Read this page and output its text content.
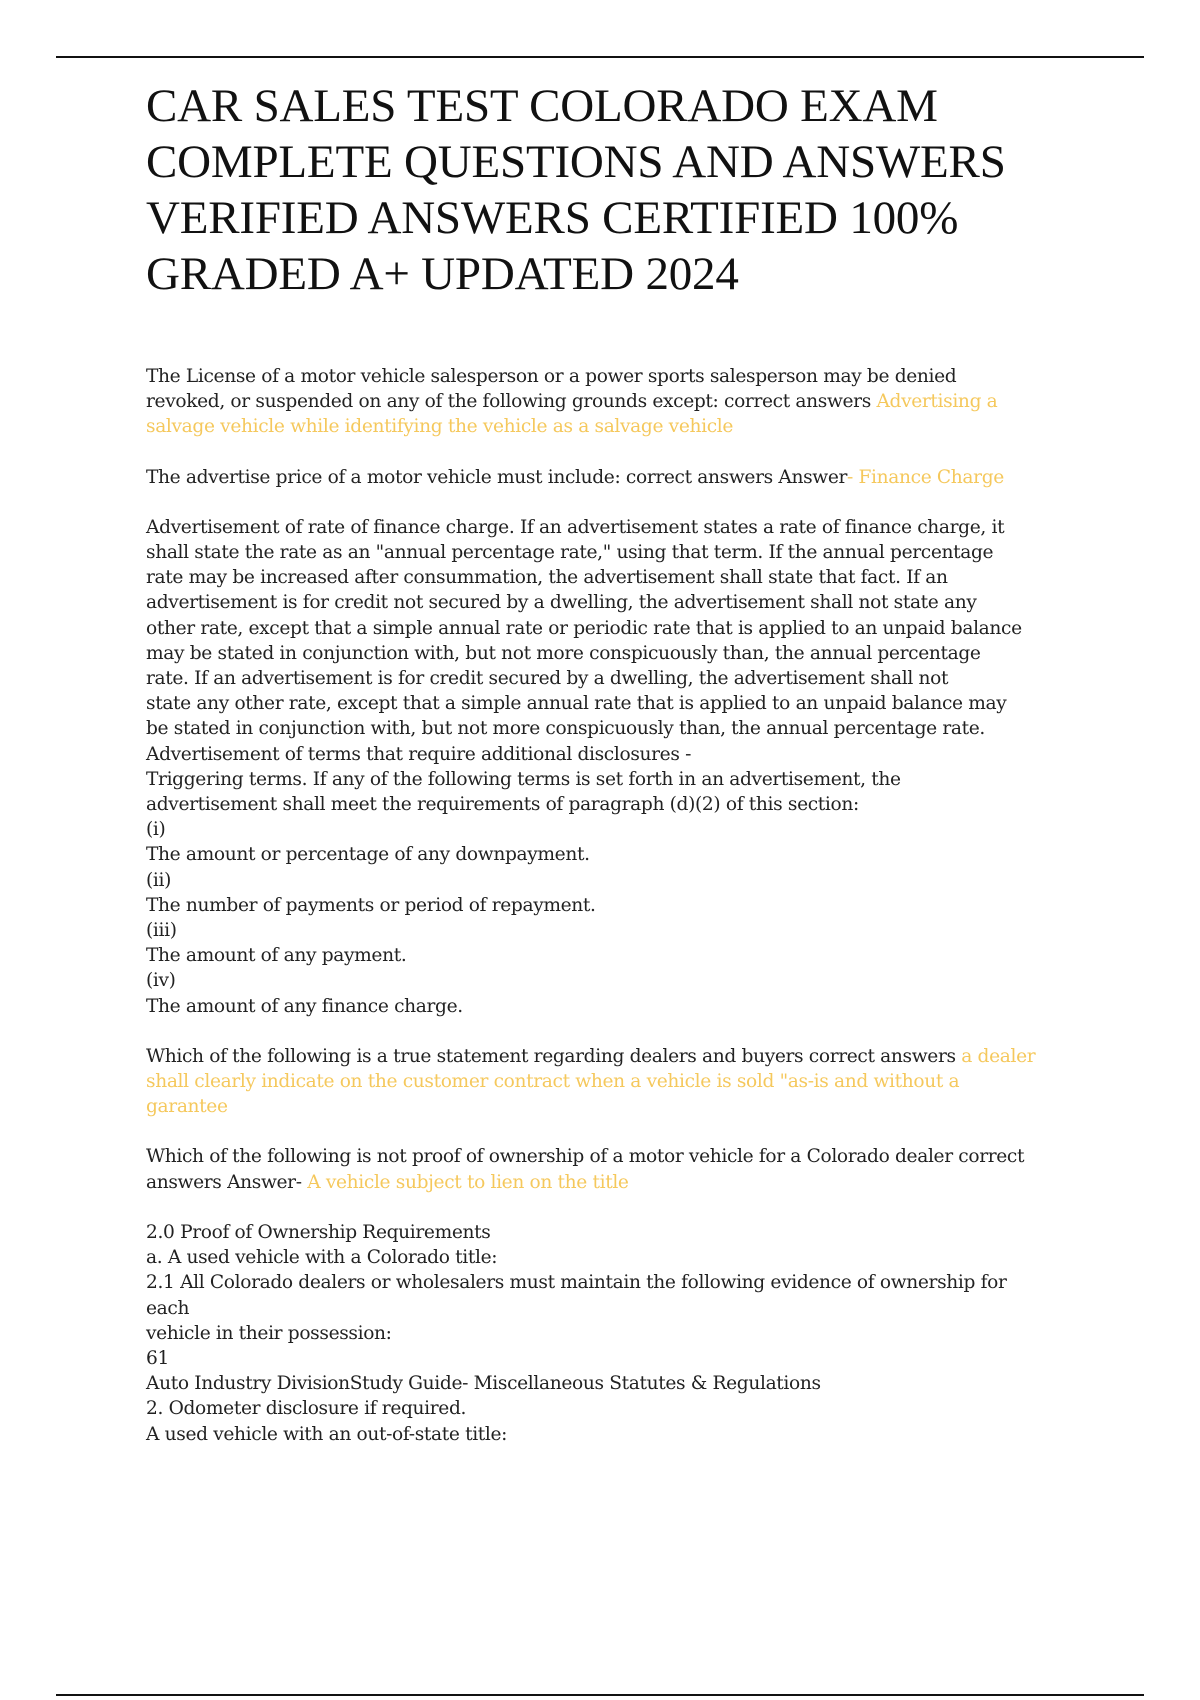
CAR SALES TEST COLORADO EXAM
COMPLETE QUESTIONS AND ANSWERS
VERIFIED ANSWERS CERTIFIED 100%
GRADED A+ UPDATED 2024

The License of a motor vehicle salesperson or a power sports salesperson may be denied
revoked, or suspended on any of the following grounds except: correct answers Advertising a
salvage vehicle while identifying the vehicle as a salvage vehicle

The advertise price of a motor vehicle must include: correct answers Answer- Finance Charge

Advertisement of rate of finance charge. If an advertisement states a rate of finance charge, it
shall state the rate as an "annual percentage rate," using that term. If the annual percentage
rate may be increased after consummation, the advertisement shall state that fact. If an
advertisement is for credit not secured by a dwelling, the advertisement shall not state any
other rate, except that a simple annual rate or periodic rate that is applied to an unpaid balance
may be stated in conjunction with, but not more conspicuously than, the annual percentage
rate. If an advertisement is for credit secured by a dwelling, the advertisement shall not
state any other rate, except that a simple annual rate that is applied to an unpaid balance may
be stated in conjunction with, but not more conspicuously than, the annual percentage rate.
Advertisement of terms that require additional disclosures -
Triggering terms. If any of the following terms is set forth in an advertisement, the
advertisement shall meet the requirements of paragraph (d)(2) of this section:
(i)
The amount or percentage of any downpayment.
(ii)
The number of payments or period of repayment.
(iii)
The amount of any payment.
(iv)
The amount of any finance charge.

Which of the following is a true statement regarding dealers and buyers correct answers a dealer
shall clearly indicate on the customer contract when a vehicle is sold "as-is and without a
garantee

Which of the following is not proof of ownership of a motor vehicle for a Colorado dealer correct
answers Answer- A vehicle subject to lien on the title

2.0 Proof of Ownership Requirements
a. A used vehicle with a Colorado title:
2.1 All Colorado dealers or wholesalers must maintain the following evidence of ownership for
each
vehicle in their possession:
61
Auto Industry DivisionStudy Guide- Miscellaneous Statutes & Regulations
2. Odometer disclosure if required.
A used vehicle with an out-of-state title:
